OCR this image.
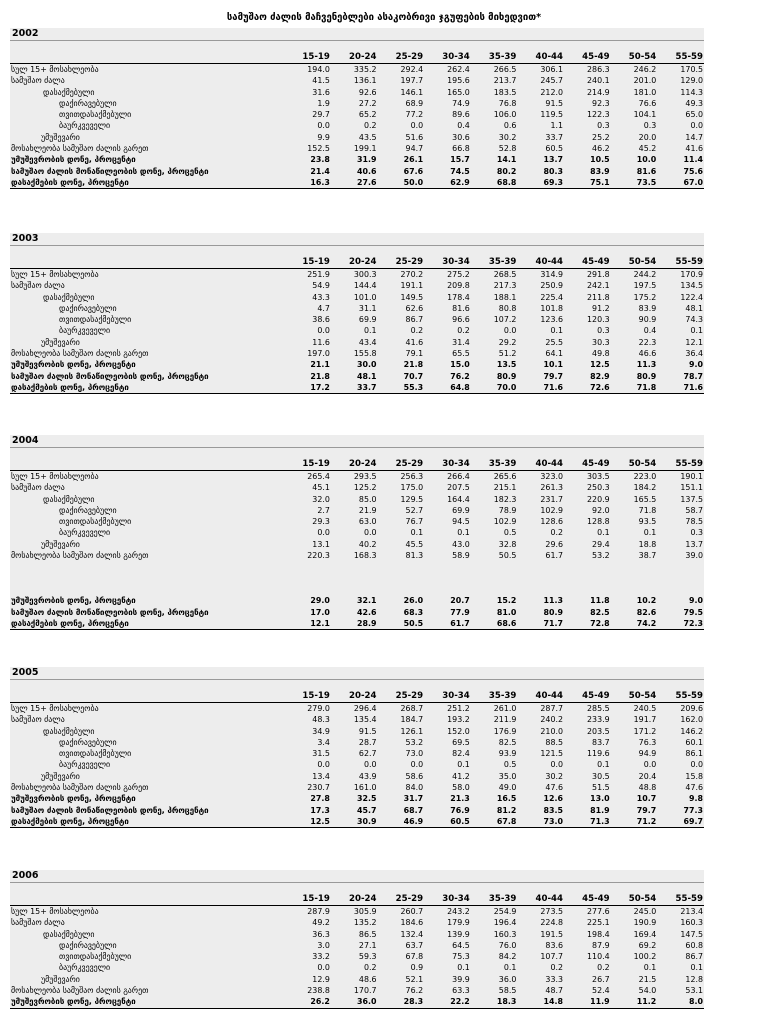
სამუშაო ძალის მაჩვენებლები ასაკობრივი ჯგუფების მიხედვით*
2002
	15-19	20-24	25-29	30-34	35-39	40-44	45-49	50-54	55-59
სულ 15+ მოსახლეობა	194.0	335.2	292.4	262.4	266.5	306.1	286.3	246.2	170.5
სამუშაო ძალა	41.5	136.1	197.7	195.6	213.7	245.7	240.1	201.0	129.0
დასაქმებული	31.6	92.6	146.1	165.0	183.5	212.0	214.9	181.0	114.3
დაქირავებული	1.9	27.2	68.9	74.9	76.8	91.5	92.3	76.6	49.3
თვითდასაქმებული	29.7	65.2	77.2	89.6	106.0	119.5	122.3	104.1	65.0
ბაურკვეველი	0.0	0.2	0.0	0.4	0.6	1.1	0.3	0.3	0.0
უმუშევარი	9.9	43.5	51.6	30.6	30.2	33.7	25.2	20.0	14.7
მოსახლეობა სამუშაო ძალის გარეთ	152.5	199.1	94.7	66.8	52.8	60.5	46.2	45.2	41.6
უმუშევრობის დონე, პროცენტი	23.8	31.9	26.1	15.7	14.1	13.7	10.5	10.0	11.4
სამუშაო ძალის მონაწილეობის დონე, პროცენტი	21.4	40.6	67.6	74.5	80.2	80.3	83.9	81.6	75.6
დასაქმების დონე, პროცენტი	16.3	27.6	50.0	62.9	68.8	69.3	75.1	73.5	67.0
2003
	15-19	20-24	25-29	30-34	35-39	40-44	45-49	50-54	55-59
სულ 15+ მოსახლეობა	251.9	300.3	270.2	275.2	268.5	314.9	291.8	244.2	170.9
სამუშაო ძალა	54.9	144.4	191.1	209.8	217.3	250.9	242.1	197.5	134.5
დასაქმებული	43.3	101.0	149.5	178.4	188.1	225.4	211.8	175.2	122.4
დაქირავებული	4.7	31.1	62.6	81.6	80.8	101.8	91.2	83.9	48.1
თვითდასაქმებული	38.6	69.9	86.7	96.6	107.2	123.6	120.3	90.9	74.3
ბაურკვეველი	0.0	0.1	0.2	0.2	0.0	0.1	0.3	0.4	0.1
უმუშევარი	11.6	43.4	41.6	31.4	29.2	25.5	30.3	22.3	12.1
მოსახლეობა სამუშაო ძალის გარეთ	197.0	155.8	79.1	65.5	51.2	64.1	49.8	46.6	36.4
უმუშევრობის დონე, პროცენტი	21.1	30.0	21.8	15.0	13.5	10.1	12.5	11.3	9.0
სამუშაო ძალის მონაწილეობის დონე, პროცენტი	21.8	48.1	70.7	76.2	80.9	79.7	82.9	80.9	78.7
დასაქმების დონე, პროცენტი	17.2	33.7	55.3	64.8	70.0	71.6	72.6	71.8	71.6
2004
	15-19	20-24	25-29	30-34	35-39	40-44	45-49	50-54	55-59
სულ 15+ მოსახლეობა	265.4	293.5	256.3	266.4	265.6	323.0	303.5	223.0	190.1
სამუშაო ძალა	45.1	125.2	175.0	207.5	215.1	261.3	250.3	184.2	151.1
დასაქმებული	32.0	85.0	129.5	164.4	182.3	231.7	220.9	165.5	137.5
დაქირავებული	2.7	21.9	52.7	69.9	78.9	102.9	92.0	71.8	58.7
თვითდასაქმებული	29.3	63.0	76.7	94.5	102.9	128.6	128.8	93.5	78.5
ბაურკვეველი	0.0	0.0	0.1	0.1	0.5	0.2	0.1	0.1	0.3
უმუშევარი	13.1	40.2	45.5	43.0	32.8	29.6	29.4	18.8	13.7
მოსახლეობა სამუშაო ძალის გარეთ	220.3	168.3	81.3	58.9	50.5	61.7	53.2	38.7	39.0

უმუშევრობის დონე, პროცენტი	29.0	32.1	26.0	20.7	15.2	11.3	11.8	10.2	9.0
სამუშაო ძალის მონაწილეობის დონე, პროცენტი	17.0	42.6	68.3	77.9	81.0	80.9	82.5	82.6	79.5
დასაქმების დონე, პროცენტი	12.1	28.9	50.5	61.7	68.6	71.7	72.8	74.2	72.3
2005
	15-19	20-24	25-29	30-34	35-39	40-44	45-49	50-54	55-59
სულ 15+ მოსახლეობა	279.0	296.4	268.7	251.2	261.0	287.7	285.5	240.5	209.6
სამუშაო ძალა	48.3	135.4	184.7	193.2	211.9	240.2	233.9	191.7	162.0
დასაქმებული	34.9	91.5	126.1	152.0	176.9	210.0	203.5	171.2	146.2
დაქირავებული	3.4	28.7	53.2	69.5	82.5	88.5	83.7	76.3	60.1
თვითდასაქმებული	31.5	62.7	73.0	82.4	93.9	121.5	119.6	94.9	86.1
ბაურკვეველი	0.0	0.0	0.0	0.1	0.5	0.0	0.1	0.0	0.0
უმუშევარი	13.4	43.9	58.6	41.2	35.0	30.2	30.5	20.4	15.8
მოსახლეობა სამუშაო ძალის გარეთ	230.7	161.0	84.0	58.0	49.0	47.6	51.5	48.8	47.6
უმუშევრობის დონე, პროცენტი	27.8	32.5	31.7	21.3	16.5	12.6	13.0	10.7	9.8
სამუშაო ძალის მონაწილეობის დონე, პროცენტი	17.3	45.7	68.7	76.9	81.2	83.5	81.9	79.7	77.3
დასაქმების დონე, პროცენტი	12.5	30.9	46.9	60.5	67.8	73.0	71.3	71.2	69.7
2006
	15-19	20-24	25-29	30-34	35-39	40-44	45-49	50-54	55-59
სულ 15+ მოსახლეობა	287.9	305.9	260.7	243.2	254.9	273.5	277.6	245.0	213.4
სამუშაო ძალა	49.2	135.2	184.6	179.9	196.4	224.8	225.1	190.9	160.3
დასაქმებული	36.3	86.5	132.4	139.9	160.3	191.5	198.4	169.4	147.5
დაქირავებული	3.0	27.1	63.7	64.5	76.0	83.6	87.9	69.2	60.8
თვითდასაქმებული	33.2	59.3	67.8	75.3	84.2	107.7	110.4	100.2	86.7
ბაურკვეველი	0.0	0.2	0.9	0.1	0.1	0.2	0.2	0.1	0.1
უმუშევარი	12.9	48.6	52.1	39.9	36.0	33.3	26.7	21.5	12.8
მოსახლეობა სამუშაო ძალის გარეთ	238.8	170.7	76.2	63.3	58.5	48.7	52.4	54.0	53.1
უმუშევრობის დონე, პროცენტი	26.2	36.0	28.3	22.2	18.3	14.8	11.9	11.2	8.0
